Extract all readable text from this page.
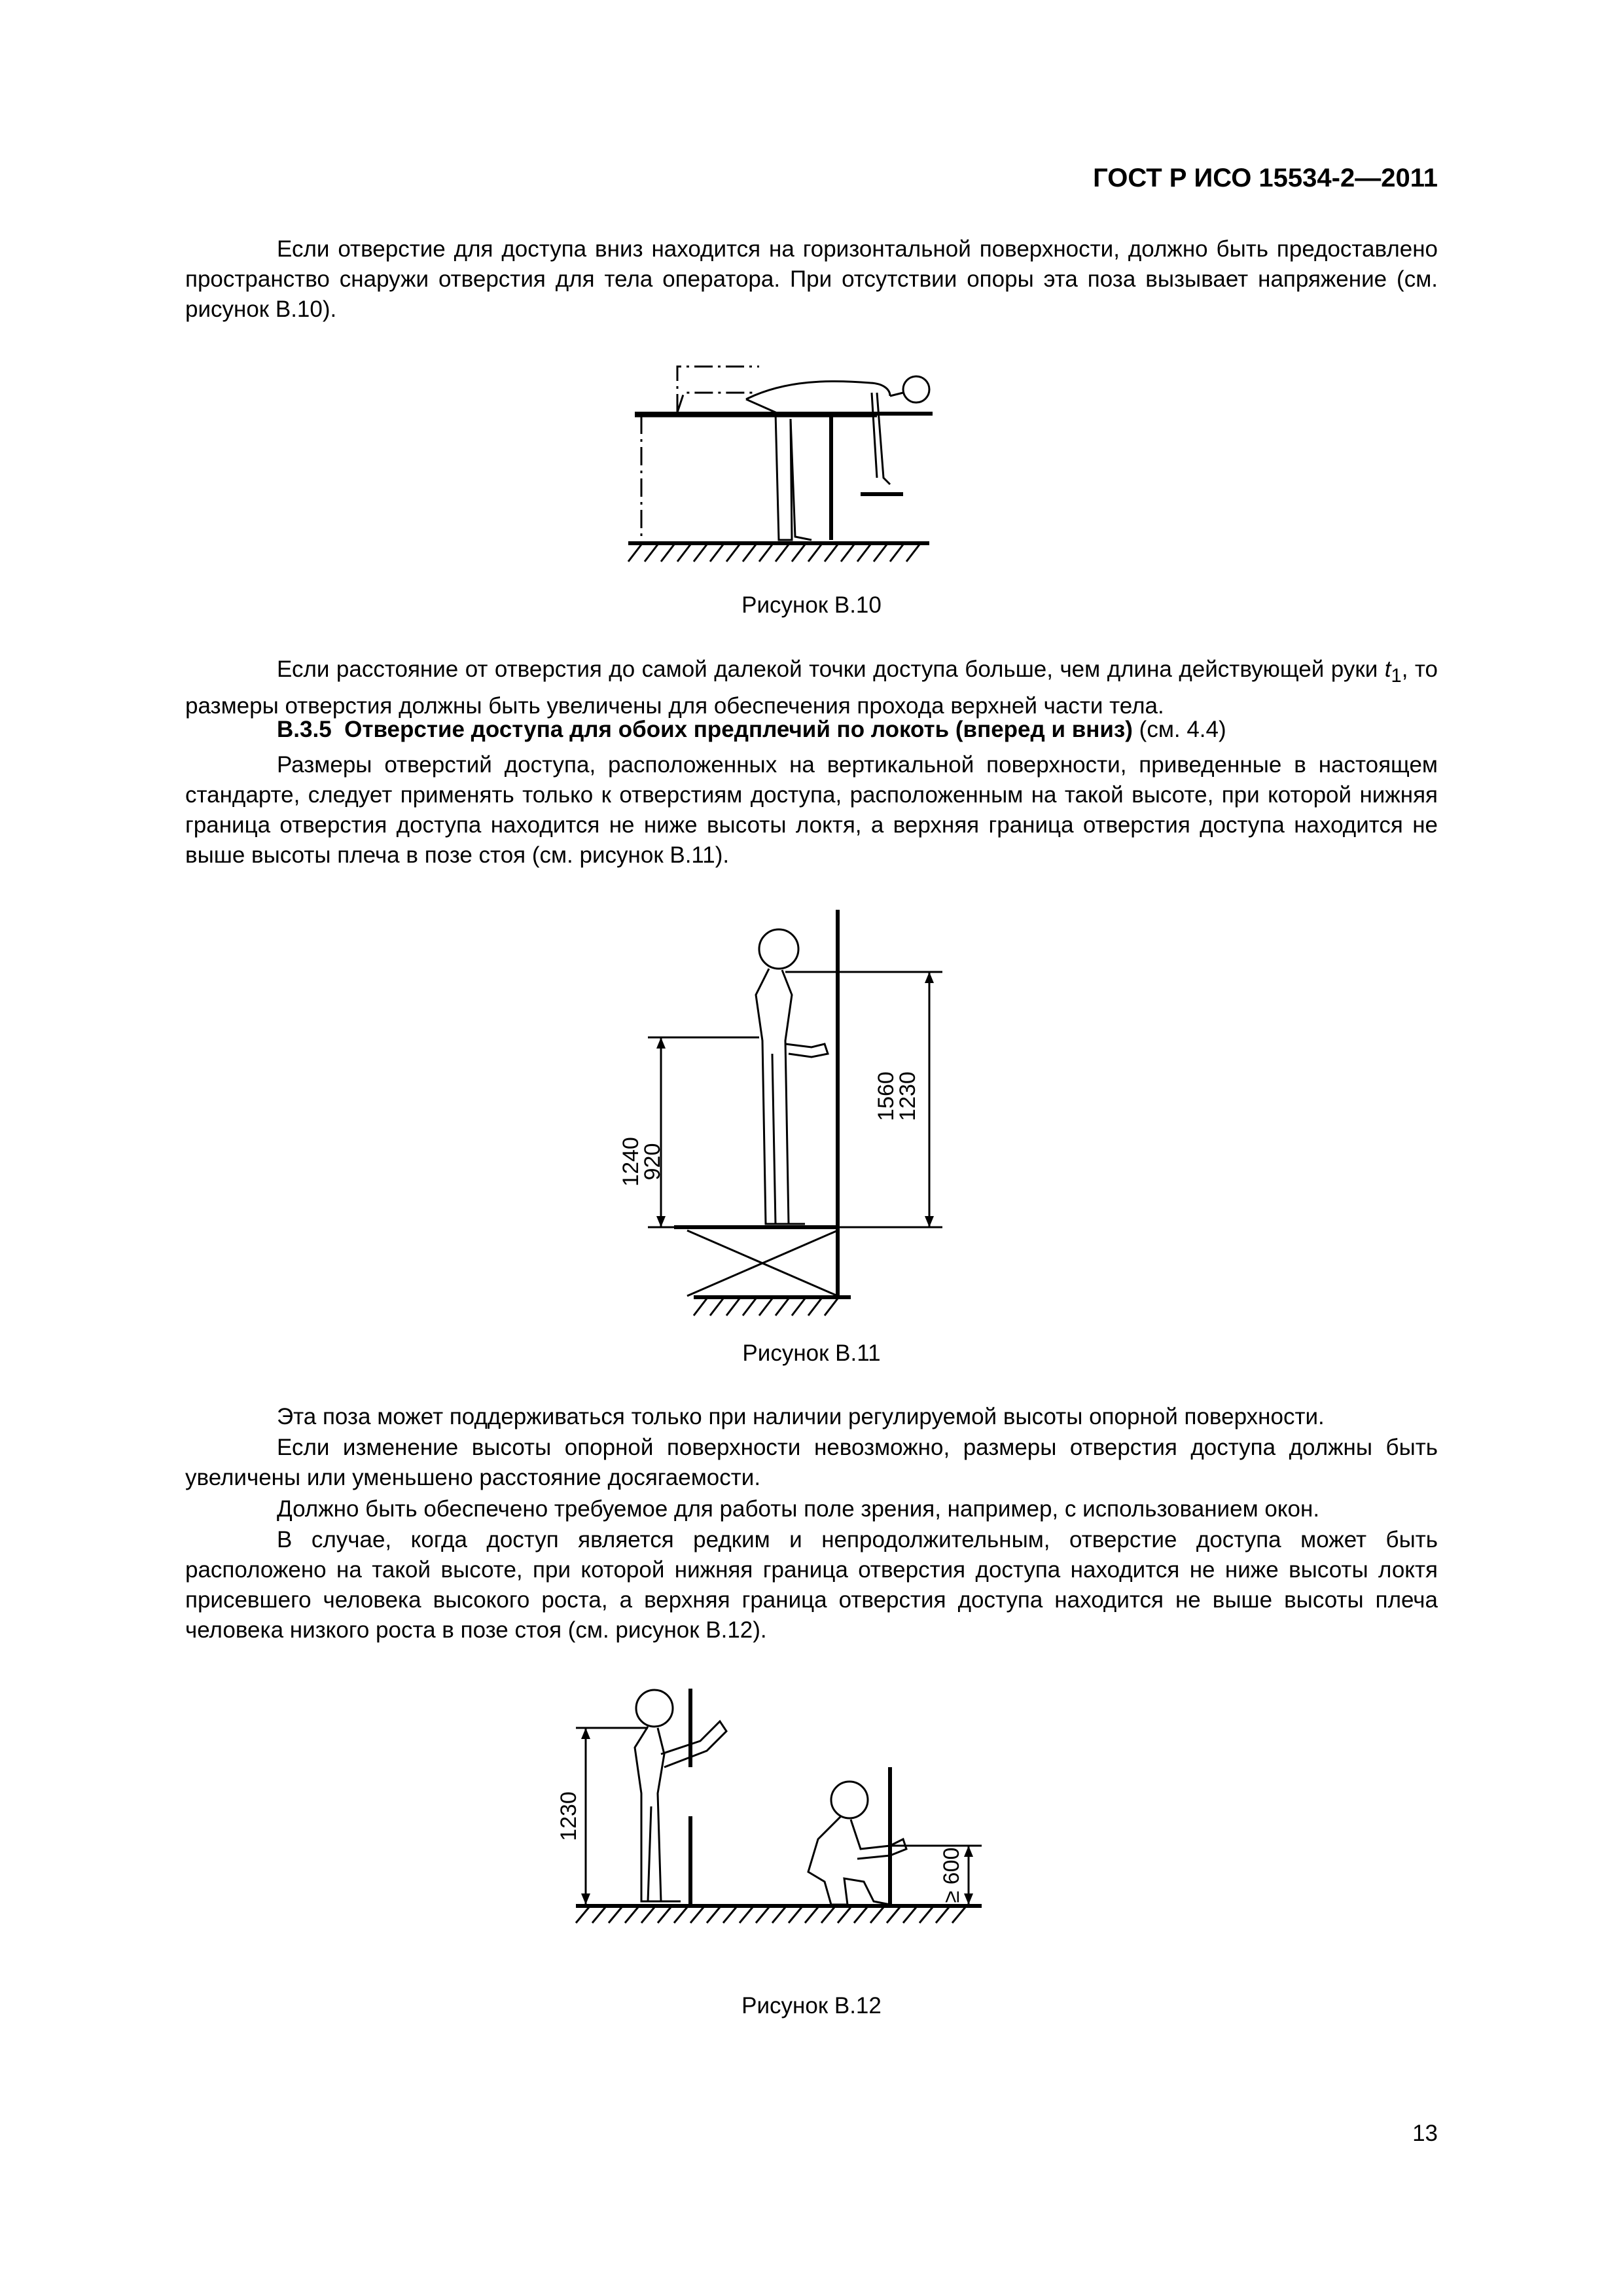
ГОСТ Р ИСО 15534-2—2011

Если отверстие для доступа вниз находится на горизонтальной поверхности, должно быть предоставлено пространство снаружи отверстия для тела оператора. При отсутствии опоры эта поза вызывает напряжение (см. рисунок В.10).

Рисунок В.10

Если расстояние от отверстия до самой далекой точки доступа больше, чем длина действующей руки $t_1$, то размеры отверстия должны быть увеличены для обеспечения прохода верхней части тела.

В.3.5 Отверстие доступа для обоих предплечий по локоть (вперед и вниз) (см. 4.4)

Размеры отверстий доступа, расположенных на вертикальной поверхности, приведенные в настоящем стандарте, следует применять только к отверстиям доступа, расположенным на такой высоте, при которой нижняя граница отверстия доступа находится не ниже высоты локтя, а верхняя граница отверстия доступа находится не выше высоты плеча в позе стоя (см. рисунок В.11).

1240
920
1560
1230
Рисунок В.11

Эта поза может поддерживаться только при наличии регулируемой высоты опорной поверхности.

Если изменение высоты опорной поверхности невозможно, размеры отверстия доступа должны быть увеличены или уменьшено расстояние досягаемости.

Должно быть обеспечено требуемое для работы поле зрения, например, с использованием окон.

В случае, когда доступ является редким и непродолжительным, отверстие доступа может быть расположено на такой высоте, при которой нижняя граница отверстия доступа находится не ниже высоты локтя присевшего человека высокого роста, а верхняя граница отверстия доступа находится не выше высоты плеча человека низкого роста в позе стоя (см. рисунок В.12).

1230
≥ 600
Рисунок В.12
13
